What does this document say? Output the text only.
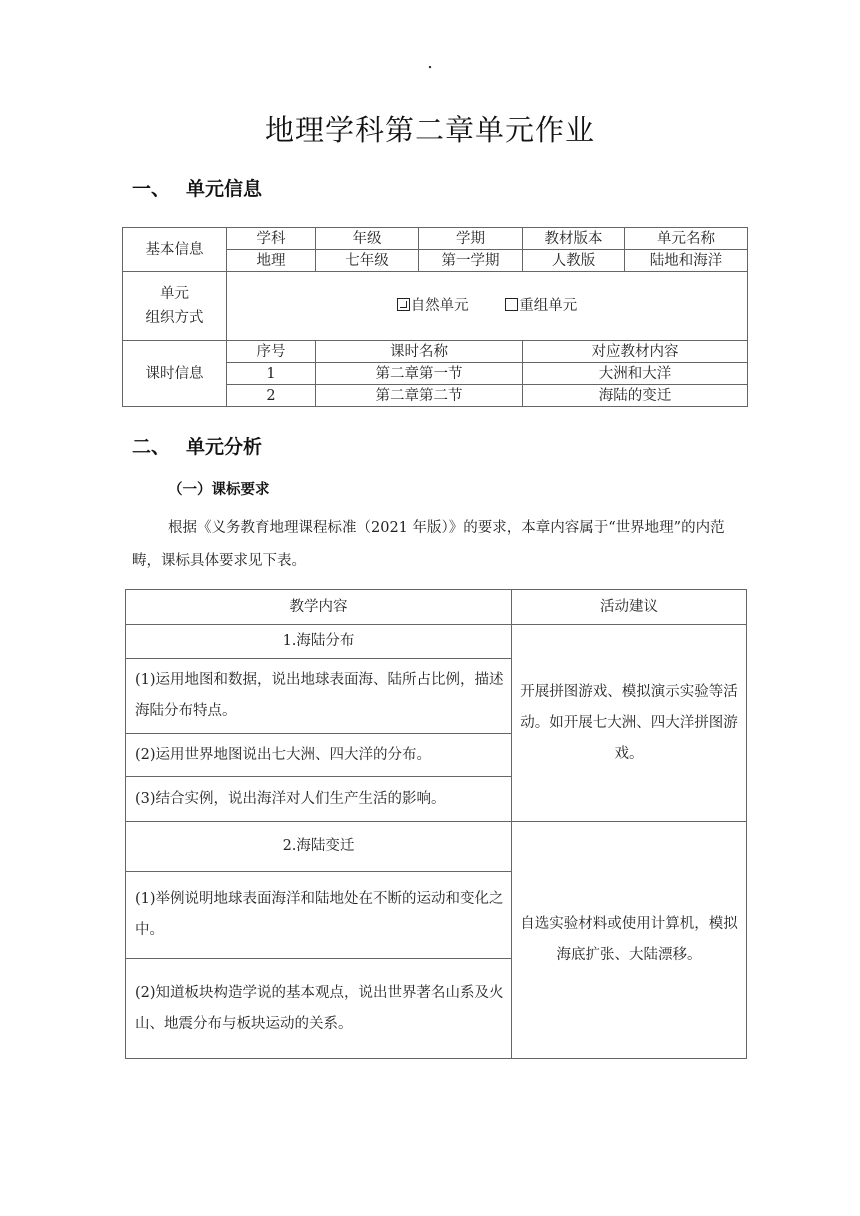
.
地理学科第二章单元作业
一、 单元信息
基本信息	学科	年级	学期	教材版本	单元名称
	地理	七年级	第一学期	人教版	陆地和海洋
单元
组织方式	自然单元 重组单元				
课时信息	序号	课时名称		对应教材内容	
	1	第二章第一节		大洲和大洋	
	2	第二章第二节		海陆的变迁	
二、 单元分析
（一）课标要求

根据《义务教育地理课程标准（2021 年版）》的要求，本章内容属于“世界地理”的内范畴，课标具体要求见下表。

教学内容	活动建议
1.海陆分布	开展拼图游戏、模拟演示实验等活动。如开展七大洲、四大洋拼图游戏。
(1)运用地图和数据，说出地球表面海、陆所占比例，描述海陆分布特点。	
(2)运用世界地图说出七大洲、四大洋的分布。	
(3)结合实例，说出海洋对人们生产生活的影响。	
2.海陆变迁	自选实验材料或使用计算机，模拟海底扩张、大陆漂移。
(1)举例说明地球表面海洋和陆地处在不断的运动和变化之中。	
(2)知道板块构造学说的基本观点，说出世界著名山系及火山、地震分布与板块运动的关系。	
